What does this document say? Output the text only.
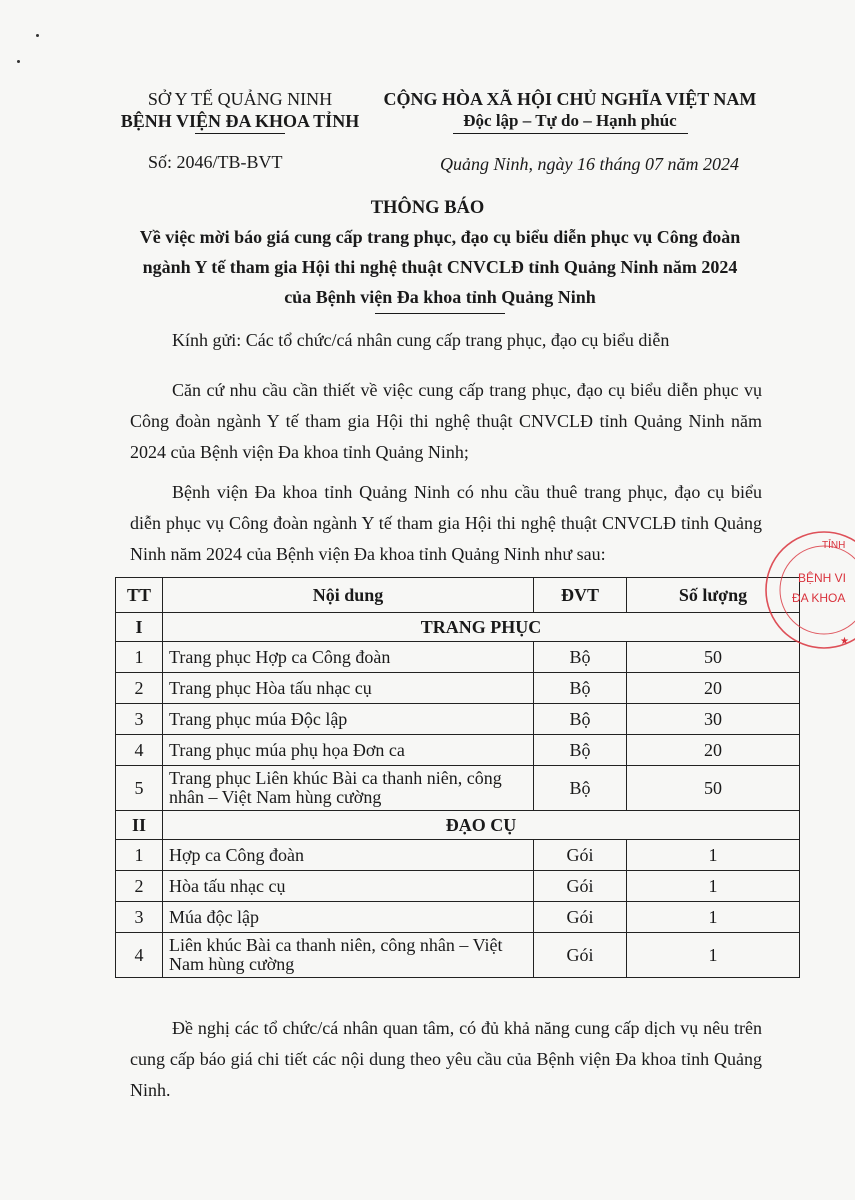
SỞ Y TẾ QUẢNG NINH
BỆNH VIỆN ĐA KHOA TỈNH
CỘNG HÒA XÃ HỘI CHỦ NGHĨA VIỆT NAM
Độc lập – Tự do – Hạnh phúc
Số: 2046/TB-BVT	Quảng Ninh, ngày 16 tháng 07 năm 2024
THÔNG BÁO
Về việc mời báo giá cung cấp trang phục, đạo cụ biểu diễn phục vụ Công đoàn ngành Y tế tham gia Hội thi nghệ thuật CNVCLĐ tỉnh Quảng Ninh năm 2024 của Bệnh viện Đa khoa tỉnh Quảng Ninh
Kính gửi: Các tổ chức/cá nhân cung cấp trang phục, đạo cụ biểu diễn
Căn cứ nhu cầu cần thiết về việc cung cấp trang phục, đạo cụ biểu diễn phục vụ Công đoàn ngành Y tế tham gia Hội thi nghệ thuật CNVCLĐ tỉnh Quảng Ninh năm 2024 của Bệnh viện Đa khoa tỉnh Quảng Ninh;
Bệnh viện Đa khoa tỉnh Quảng Ninh có nhu cầu thuê trang phục, đạo cụ biểu diễn phục vụ Công đoàn ngành Y tế tham gia Hội thi nghệ thuật CNVCLĐ tỉnh Quảng Ninh năm 2024 của Bệnh viện Đa khoa tỉnh Quảng Ninh như sau:
TT	Nội dung	ĐVT	Số lượng
I	TRANG PHỤC		
1	Trang phục Hợp ca Công đoàn	Bộ	50
2	Trang phục Hòa tấu nhạc cụ	Bộ	20
3	Trang phục múa Độc lập	Bộ	30
4	Trang phục múa phụ họa Đơn ca	Bộ	20
5	Trang phục Liên khúc Bài ca thanh niên, công nhân – Việt Nam hùng cường	Bộ	50
II	ĐẠO CỤ		
1	Hợp ca Công đoàn	Gói	1
2	Hòa tấu nhạc cụ	Gói	1
3	Múa độc lập	Gói	1
4	Liên khúc Bài ca thanh niên, công nhân – Việt Nam hùng cường	Gói	1
Đề nghị các tổ chức/cá nhân quan tâm, có đủ khả năng cung cấp dịch vụ nêu trên cung cấp báo giá chi tiết các nội dung theo yêu cầu của Bệnh viện Đa khoa tỉnh Quảng Ninh.
TỈNH
BỆNH VI
ĐA KHOA
★
